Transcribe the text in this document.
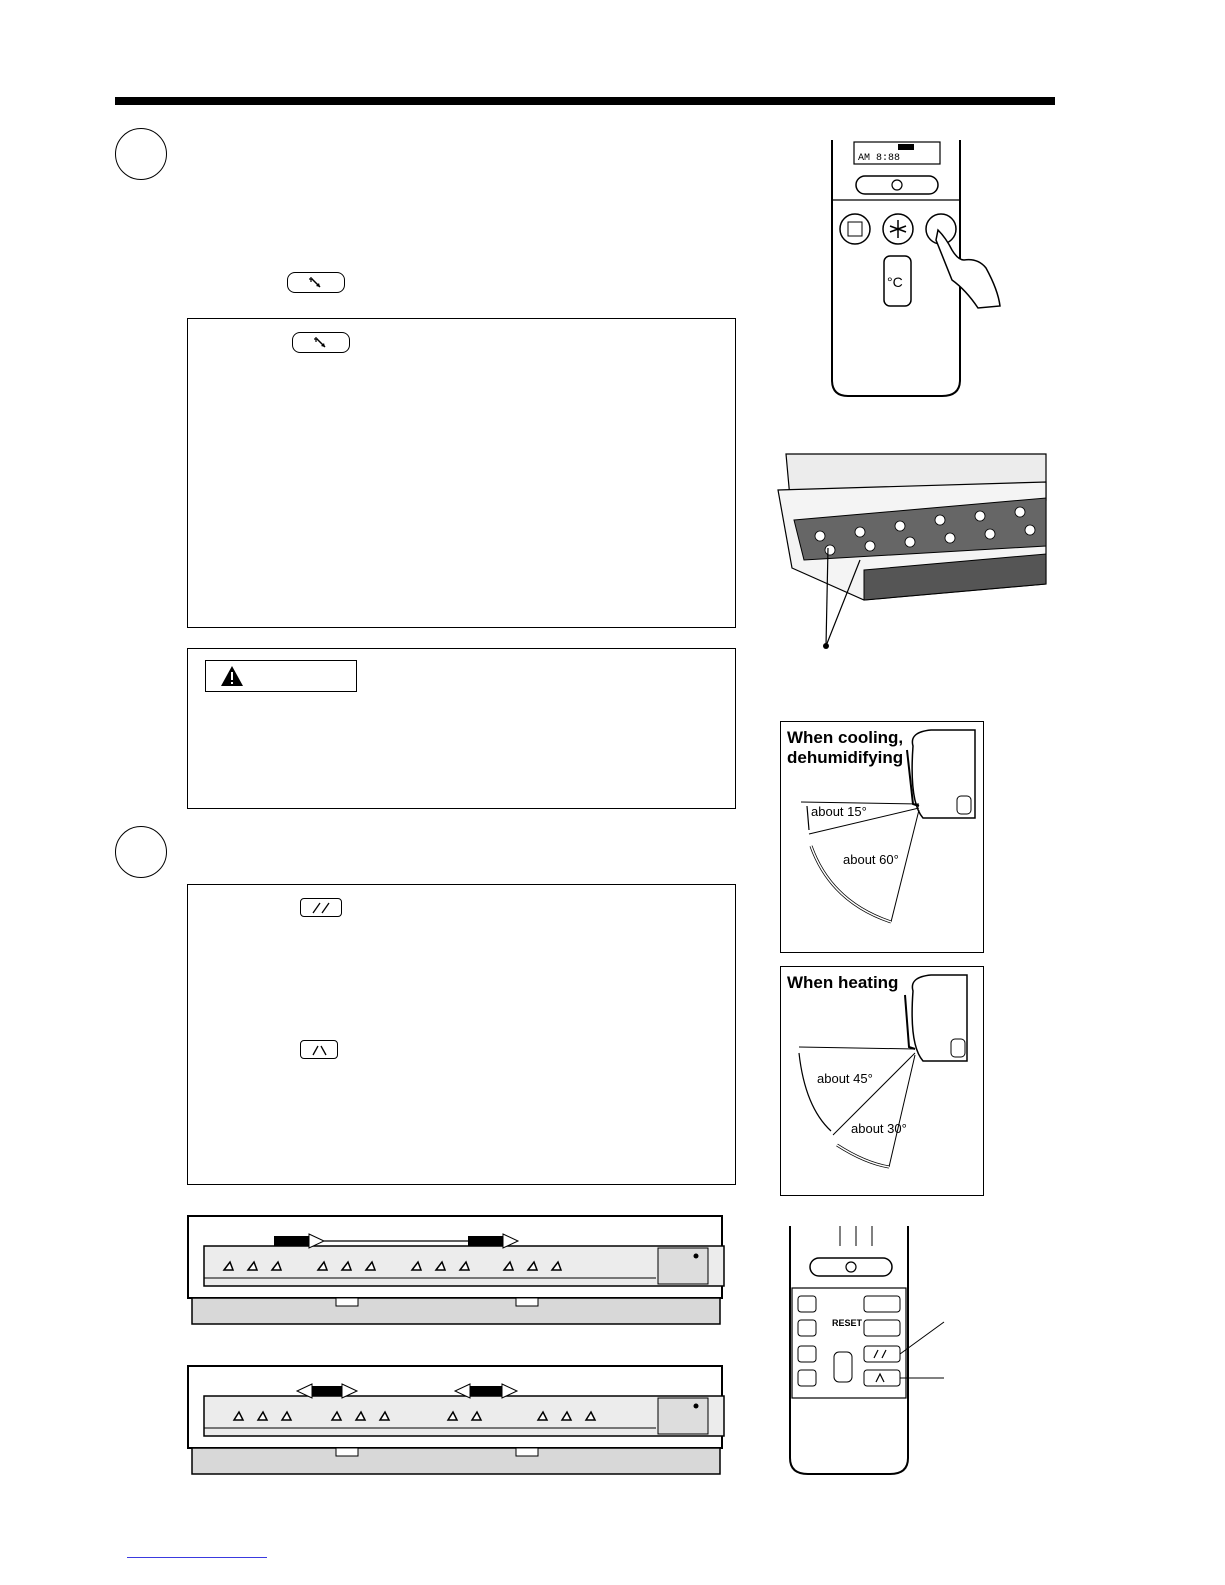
AM 8:88
°C
When cooling,
dehumidifying
about 15°
about 60°
When heating
about 45°
about 30°
RESET
